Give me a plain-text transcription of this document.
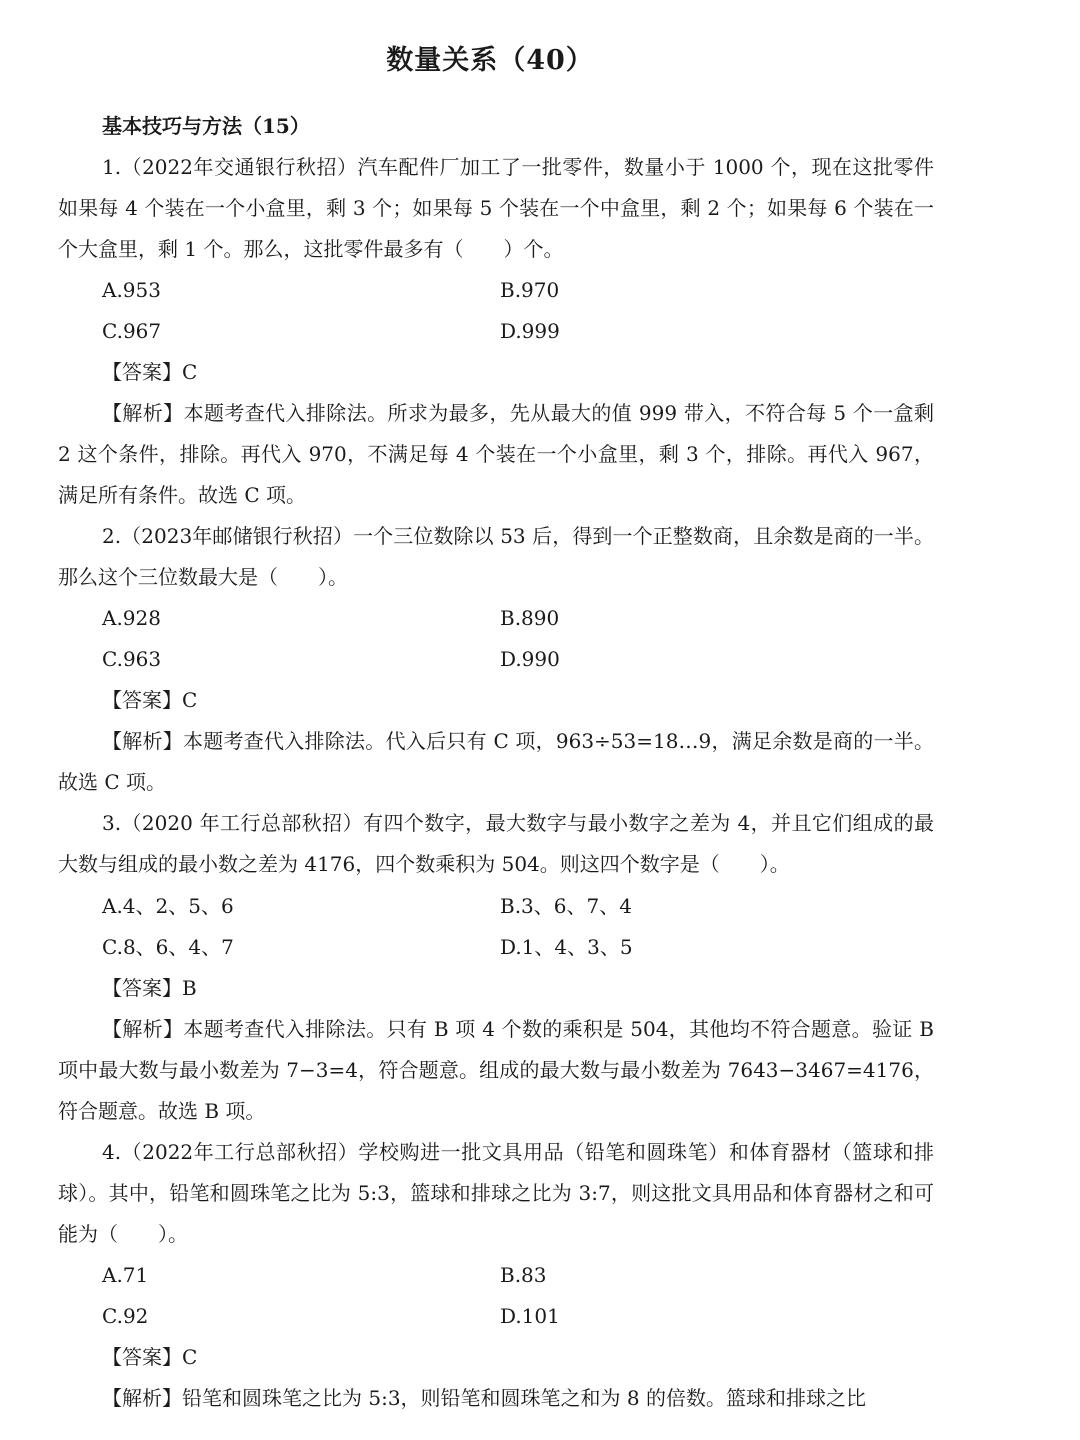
数量关系（40）
基本技巧与方法（15）
1.（2022年交通银行秋招）汽车配件厂加工了一批零件，数量小于 1000 个，现在这批零件如果每 4 个装在一个小盒里，剩 3 个；如果每 5 个装在一个中盒里，剩 2 个；如果每 6 个装在一个大盒里，剩 1 个。那么，这批零件最多有（　　）个。
A.953	B.970
C.967	D.999
【答案】C
【解析】本题考查代入排除法。所求为最多，先从最大的值 999 带入，不符合每 5 个一盒剩 2 这个条件，排除。再代入 970，不满足每 4 个装在一个小盒里，剩 3 个，排除。再代入 967，满足所有条件。故选 C 项。
2.（2023年邮储银行秋招）一个三位数除以 53 后，得到一个正整数商，且余数是商的一半。那么这个三位数最大是（　　）。
A.928	B.890
C.963	D.990
【答案】C
【解析】本题考查代入排除法。代入后只有 C 项，963÷53=18…9，满足余数是商的一半。故选 C 项。
3.（2020 年工行总部秋招）有四个数字，最大数字与最小数字之差为 4，并且它们组成的最大数与组成的最小数之差为 4176，四个数乘积为 504。则这四个数字是（　　）。
A.4、2、5、6	B.3、6、7、4
C.8、6、4、7	D.1、4、3、5
【答案】B
【解析】本题考查代入排除法。只有 B 项 4 个数的乘积是 504，其他均不符合题意。验证 B 项中最大数与最小数差为 7−3=4，符合题意。组成的最大数与最小数差为 7643−3467=4176，符合题意。故选 B 项。
4.（2022年工行总部秋招）学校购进一批文具用品（铅笔和圆珠笔）和体育器材（篮球和排球）。其中，铅笔和圆珠笔之比为 5:3，篮球和排球之比为 3:7，则这批文具用品和体育器材之和可能为（　　）。
A.71	B.83
C.92	D.101
【答案】C
【解析】铅笔和圆珠笔之比为 5:3，则铅笔和圆珠笔之和为 8 的倍数。篮球和排球之比
